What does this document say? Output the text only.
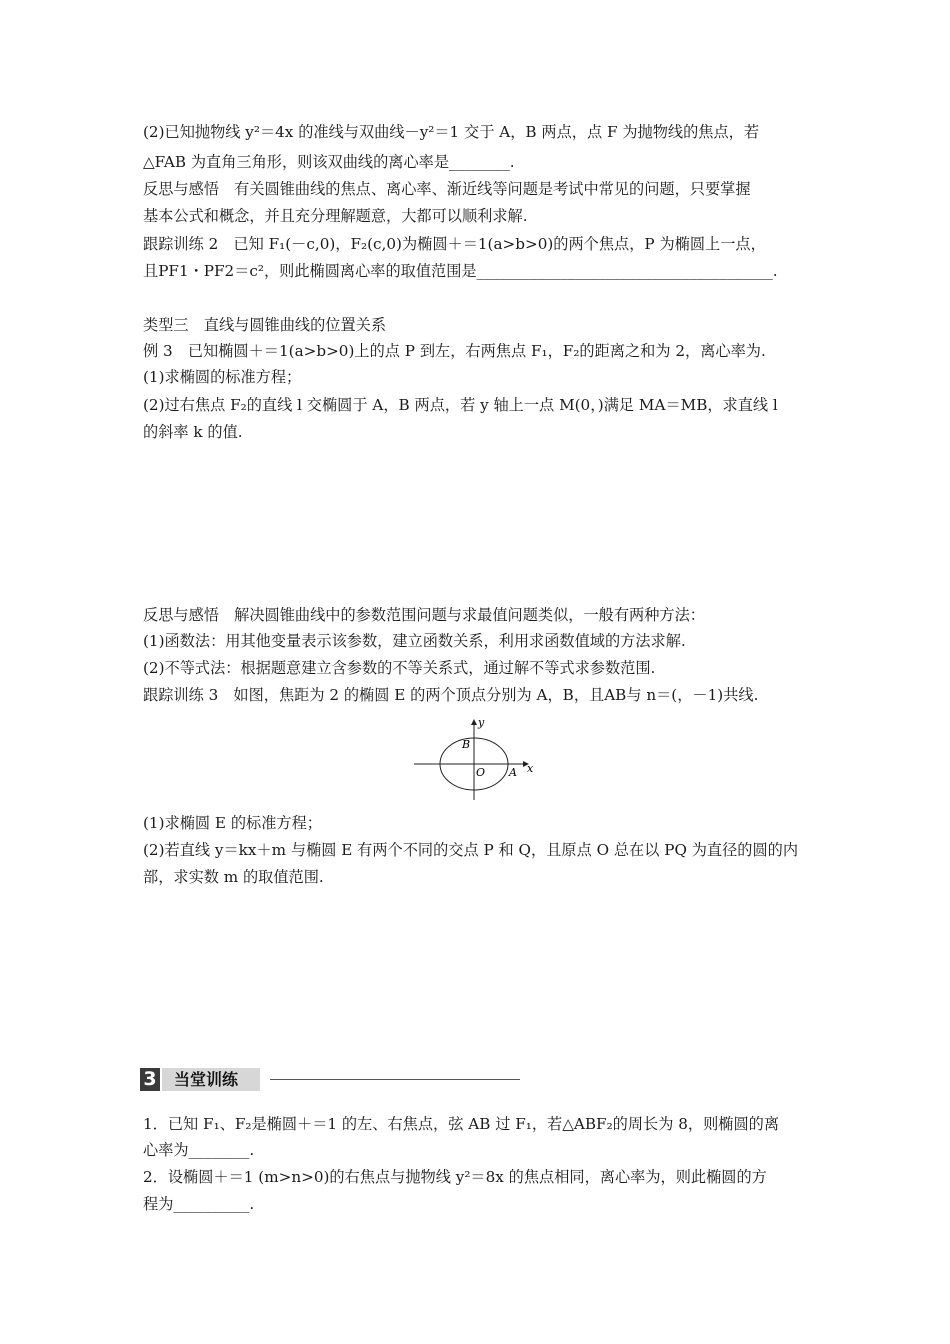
(2)已知抛物线 y²＝4x 的准线与双曲线－y²＝1 交于 A，B 两点，点 F 为抛物线的焦点，若
△FAB 为直角三角形，则该双曲线的离心率是________.
反思与感悟　有关圆锥曲线的焦点、离心率、渐近线等问题是考试中常见的问题，只要掌握
基本公式和概念，并且充分理解题意，大都可以顺利求解.
跟踪训练 2　已知 F₁(－c,0)，F₂(c,0)为椭圆＋＝1(a>b>0)的两个焦点，P 为椭圆上一点，
且PF1・PF2＝c²，则此椭圆离心率的取值范围是_______________________________________.
类型三　直线与圆锥曲线的位置关系
例 3　已知椭圆＋＝1(a>b>0)上的点 P 到左，右两焦点 F₁，F₂的距离之和为 2，离心率为.
(1)求椭圆的标准方程；
(2)过右焦点 F₂的直线 l 交椭圆于 A，B 两点，若 y 轴上一点 M(0，)满足 MA＝MB，求直线 l
的斜率 k 的值.
反思与感悟　解决圆锥曲线中的参数范围问题与求最值问题类似，一般有两种方法：
(1)函数法：用其他变量表示该参数，建立函数关系，利用求函数值域的方法求解.
(2)不等式法：根据题意建立含参数的不等关系式，通过解不等式求参数范围.
跟踪训练 3　如图，焦距为 2 的椭圆 E 的两个顶点分别为 A，B，且AB与 n＝(，－1)共线.
(1)求椭圆 E 的标准方程；
(2)若直线 y＝kx＋m 与椭圆 E 有两个不同的交点 P 和 Q，且原点 O 总在以 PQ 为直径的圆的内
部，求实数 m 的取值范围.
1．已知 F₁、F₂是椭圆＋＝1 的左、右焦点，弦 AB 过 F₁，若△ABF₂的周长为 8，则椭圆的离
心率为________.
2．设椭圆＋＝1 (m>n>0)的右焦点与抛物线 y²＝8x 的焦点相同，离心率为，则此椭圆的方
程为__________.
y
x
B
O A
3	当堂训练
